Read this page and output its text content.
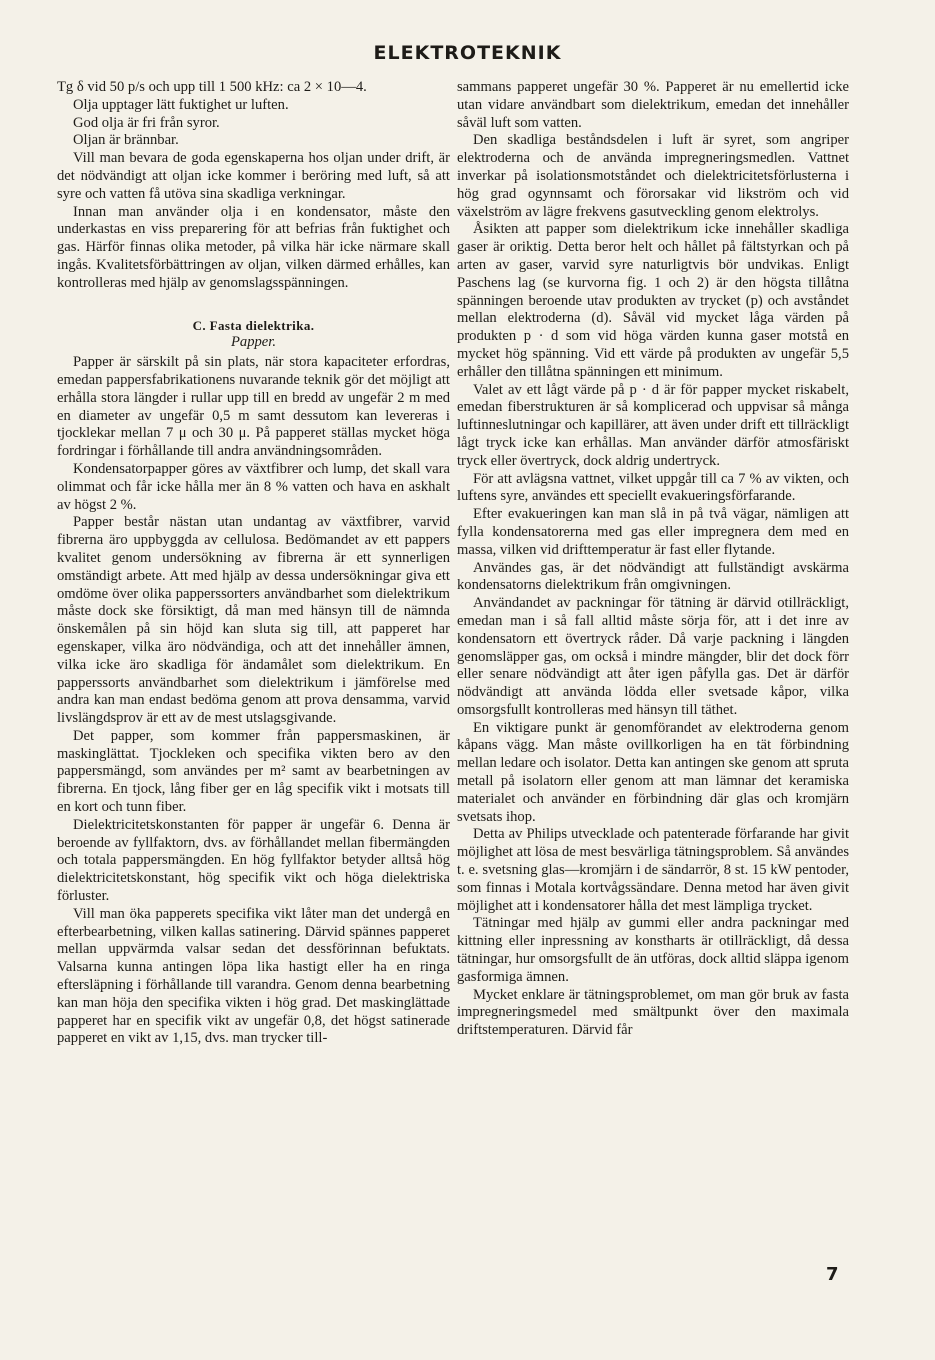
ELEKTROTEKNIK

Tg δ vid 50 p/s och upp till 1 500 kHz: ca 2 × 10—4.

Olja upptager lätt fuktighet ur luften.

God olja är fri från syror.

Oljan är brännbar.

Vill man bevara de goda egenskaperna hos oljan under drift, är det nödvändigt att oljan icke kommer i beröring med luft, så att syre och vatten få utöva sina skadliga verkningar.

Innan man använder olja i en kondensator, måste den underkastas en viss preparering för att befrias från fuktighet och gas. Härför finnas olika metoder, på vilka här icke närmare skall ingås. Kvalitetsförbättringen av oljan, vilken därmed erhålles, kan kontrolleras med hjälp av genomslagsspänningen.

C. Fasta dielektrika.
Papper.

Papper är särskilt på sin plats, när stora kapaciteter erfordras, emedan pappersfabrikationens nuvarande teknik gör det möjligt att erhålla stora längder i rullar upp till en bredd av ungefär 2 m med en diameter av ungefär 0,5 m samt dessutom kan levereras i tjocklekar mellan 7 μ och 30 μ. På papperet ställas mycket höga fordringar i förhållande till andra användningsområden.

Kondensatorpapper göres av växtfibrer och lump, det skall vara olimmat och får icke hålla mer än 8 % vatten och hava en askhalt av högst 2 %.

Papper består nästan utan undantag av växtfibrer, varvid fibrerna äro uppbyggda av cellulosa. Bedömandet av ett pappers kvalitet genom undersökning av fibrerna är ett synnerligen omständigt arbete. Att med hjälp av dessa undersökningar giva ett omdöme över olika papperssorters användbarhet som dielektrikum måste dock ske försiktigt, då man med hänsyn till de nämnda önskemålen på sin höjd kan sluta sig till, att papperet har egenskaper, vilka äro nödvändiga, och att det innehåller ämnen, vilka icke äro skadliga för ändamålet som dielektrikum. En papperssorts användbarhet som dielektrikum i jämförelse med andra kan man endast bedöma genom att prova densamma, varvid livslängdsprov är ett av de mest utslagsgivande.

Det papper, som kommer från pappersmaskinen, är maskinglättat. Tjockleken och specifika vikten bero av den pappersmängd, som användes per m² samt av bearbetningen av fibrerna. En tjock, lång fiber ger en låg specifik vikt i motsats till en kort och tunn fiber.

Dielektricitetskonstanten för papper är ungefär 6. Denna är beroende av fyllfaktorn, dvs. av förhållandet mellan fibermängden och totala pappersmängden. En hög fyllfaktor betyder alltså hög dielektricitetskonstant, hög specifik vikt och höga dielektriska förluster.

Vill man öka papperets specifika vikt låter man det undergå en efterbearbetning, vilken kallas satinering. Därvid spännes papperet mellan uppvärmda valsar sedan det dessförinnan befuktats. Valsarna kunna antingen löpa lika hastigt eller ha en ringa eftersläpning i förhållande till varandra. Genom denna bearbetning kan man höja den specifika vikten i hög grad. Det maskinglättade papperet har en specifik vikt av ungefär 0,8, det högst satinerade papperet en vikt av 1,15, dvs. man trycker till-

sammans papperet ungefär 30 %. Papperet är nu emellertid icke utan vidare användbart som dielektrikum, emedan det innehåller såväl luft som vatten.

Den skadliga beståndsdelen i luft är syret, som angriper elektroderna och de använda impregneringsmedlen. Vattnet inverkar på isolationsmotståndet och dielektricitetsförlusterna i hög grad ogynnsamt och förorsakar vid likström och vid växelström av lägre frekvens gasutveckling genom elektrolys.

Åsikten att papper som dielektrikum icke innehåller skadliga gaser är oriktig. Detta beror helt och hållet på fältstyrkan och på arten av gaser, varvid syre naturligtvis bör undvikas. Enligt Paschens lag (se kurvorna fig. 1 och 2) är den högsta tillåtna spänningen beroende utav produkten av trycket (p) och avståndet mellan elektroderna (d). Såväl vid mycket låga värden på produkten p · d som vid höga värden kunna gaser motstå en mycket hög spänning. Vid ett värde på produkten av ungefär 5,5 erhåller den tillåtna spänningen ett minimum.

Valet av ett lågt värde på p · d är för papper mycket riskabelt, emedan fiberstrukturen är så komplicerad och uppvisar så många luftinneslutningar och kapillärer, att även under drift ett tillräckligt lågt tryck icke kan erhållas. Man använder därför atmosfäriskt tryck eller övertryck, dock aldrig undertryck.

För att avlägsna vattnet, vilket uppgår till ca 7 % av vikten, och luftens syre, användes ett speciellt evakueringsförfarande.

Efter evakueringen kan man slå in på två vägar, nämligen att fylla kondensatorerna med gas eller impregnera dem med en massa, vilken vid drifttemperatur är fast eller flytande.

Användes gas, är det nödvändigt att fullständigt avskärma kondensatorns dielektrikum från omgivningen.

Användandet av packningar för tätning är därvid otillräckligt, emedan man i så fall alltid måste sörja för, att i det inre av kondensatorn ett övertryck råder. Då varje packning i längden genomsläpper gas, om också i mindre mängder, blir det dock förr eller senare nödvändigt att åter igen påfylla gas. Det är därför nödvändigt att använda lödda eller svetsade kåpor, vilka omsorgsfullt kontrolleras med hänsyn till täthet.

En viktigare punkt är genomförandet av elektroderna genom kåpans vägg. Man måste ovillkorligen ha en tät förbindning mellan ledare och isolator. Detta kan antingen ske genom att spruta metall på isolatorn eller genom att man lämnar det keramiska materialet och använder en förbindning där glas och kromjärn svetsats ihop.

Detta av Philips utvecklade och patenterade förfarande har givit möjlighet att lösa de mest besvärliga tätningsproblem. Så användes t. e. svetsning glas—kromjärn i de sändarrör, 8 st. 15 kW pentoder, som finnas i Motala kortvågssändare. Denna metod har även givit möjlighet att i kondensatorer hålla det mest lämpliga trycket.

Tätningar med hjälp av gummi eller andra packningar med kittning eller inpressning av konstharts är otillräckligt, då dessa tätningar, hur omsorgsfullt de än utföras, dock alltid släppa igenom gasformiga ämnen.

Mycket enklare är tätningsproblemet, om man gör bruk av fasta impregneringsmedel med smältpunkt över den maximala driftstemperaturen. Därvid får

7
